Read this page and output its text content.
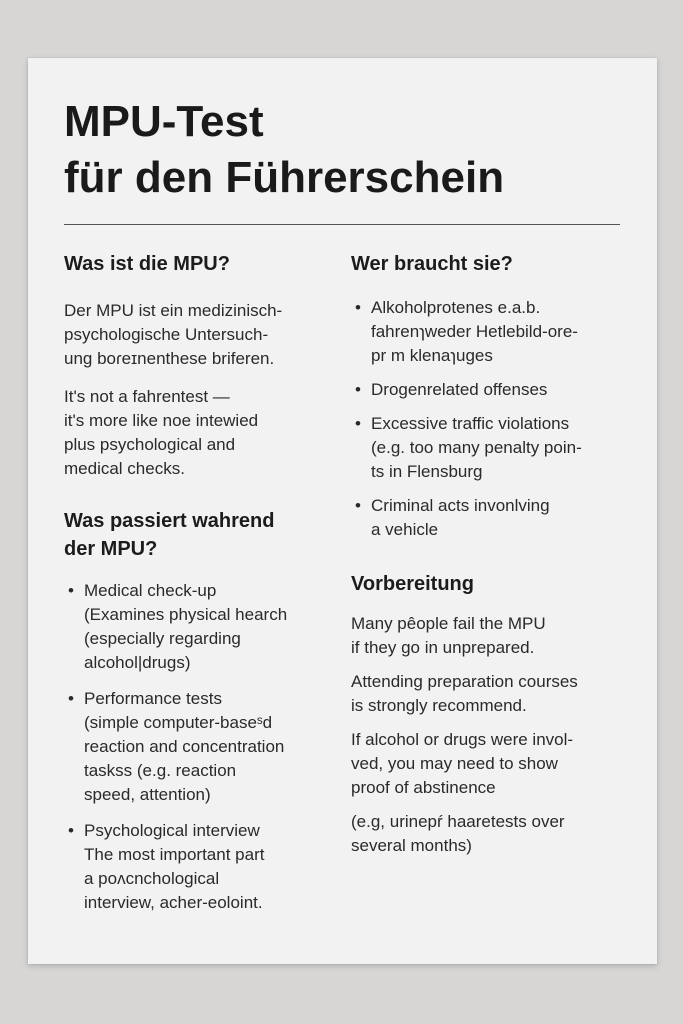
MPU-Test
für den Führerschein
Was ist die MPU?

Der MPU ist ein medizinisch-
psychologische Untersuch-
ung boɾeɪnenthese briferen.

It's not a fahrentest —
it's more like noe intewied
plus psychological and
medical checks.

Was passiert wahrend
der MPU?
• Medical check-up
(Examines physical hearch
(especially regarding
alcohol|drugs)
• Performance tests
(simple computer-baseˢd
reaction and concentration
taskss (e.g. reaction
speed, attention)
• Psychological interview
The most important part
a poʌcnchological
interview, acher-eoloint.
Wer braucht sie?
• Alkoholprotenes e.a.b.
fahrenɿweder Hetlebild-ore-
pr m klenaɿuges
• Drogenrelated offenses
• Excessive traffic violations
(e.g. too many penalty poin-
ts in Flensburg
• Criminal acts invonlving
a vehicle
Vorbereitung

Many pêople fail the MPU
if they go in unprepared.

Attending preparation courses
is strongly recommend.

If alcohol or drugs were invol-
ved, you may need to show
proof of abstinence

(e.g, urinepŕ haaretests over
several months)
